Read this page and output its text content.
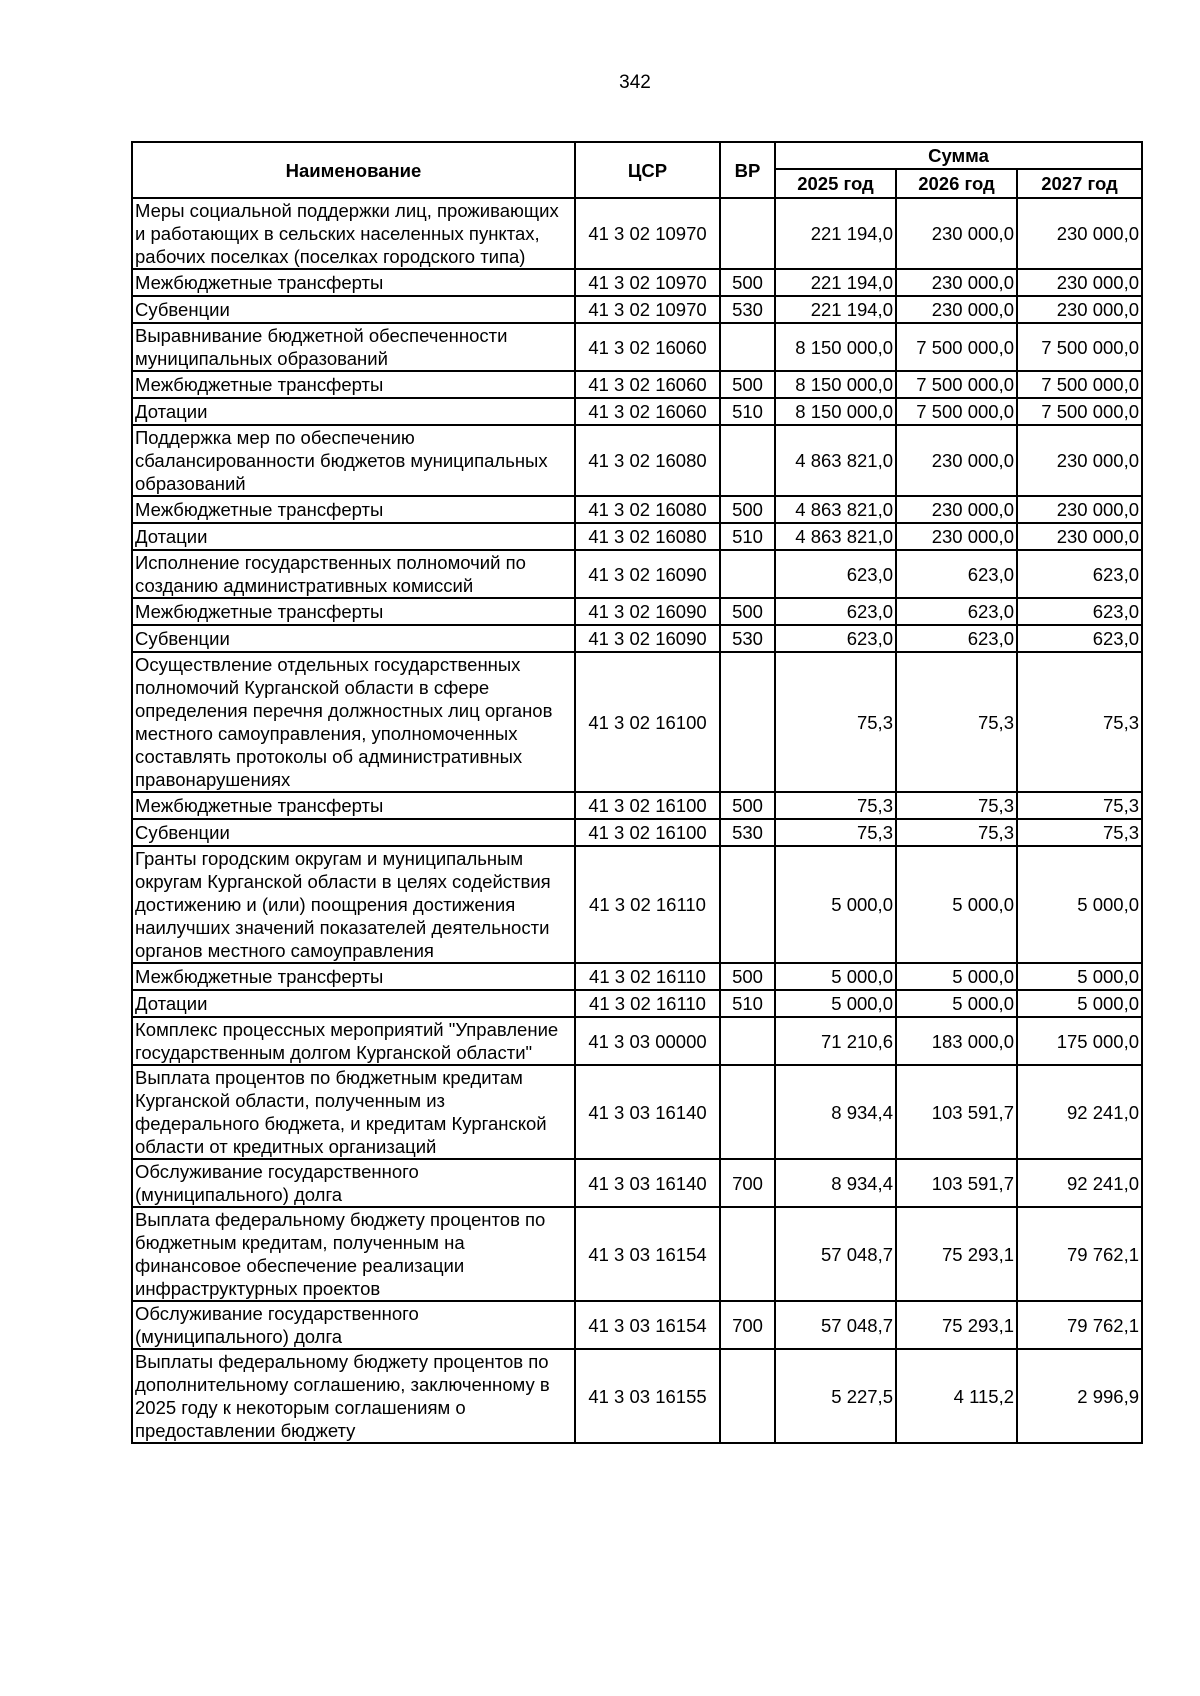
342
Наименование	ЦСР	ВР	Сумма		
			2025 год	2026 год	2027 год
Меры социальной поддержки лиц, проживающих и работающих в сельских населенных пунктах, рабочих поселках (поселках городского типа)	41 3 02 10970		221 194,0	230 000,0	230 000,0
Межбюджетные трансферты	41 3 02 10970	500	221 194,0	230 000,0	230 000,0
Субвенции	41 3 02 10970	530	221 194,0	230 000,0	230 000,0
Выравнивание бюджетной обеспеченности муниципальных образований	41 3 02 16060		8 150 000,0	7 500 000,0	7 500 000,0
Межбюджетные трансферты	41 3 02 16060	500	8 150 000,0	7 500 000,0	7 500 000,0
Дотации	41 3 02 16060	510	8 150 000,0	7 500 000,0	7 500 000,0
Поддержка мер по обеспечению сбалансированности бюджетов муниципальных образований	41 3 02 16080		4 863 821,0	230 000,0	230 000,0
Межбюджетные трансферты	41 3 02 16080	500	4 863 821,0	230 000,0	230 000,0
Дотации	41 3 02 16080	510	4 863 821,0	230 000,0	230 000,0
Исполнение государственных полномочий по созданию административных комиссий	41 3 02 16090		623,0	623,0	623,0
Межбюджетные трансферты	41 3 02 16090	500	623,0	623,0	623,0
Субвенции	41 3 02 16090	530	623,0	623,0	623,0
Осуществление отдельных государственных полномочий Курганской области в сфере определения перечня должностных лиц органов местного самоуправления, уполномоченных составлять протоколы об административных правонарушениях	41 3 02 16100		75,3	75,3	75,3
Межбюджетные трансферты	41 3 02 16100	500	75,3	75,3	75,3
Субвенции	41 3 02 16100	530	75,3	75,3	75,3
Гранты городским округам и муниципальным округам Курганской области в целях содействия достижению и (или) поощрения достижения наилучших значений показателей деятельности органов местного самоуправления	41 3 02 16110		5 000,0	5 000,0	5 000,0
Межбюджетные трансферты	41 3 02 16110	500	5 000,0	5 000,0	5 000,0
Дотации	41 3 02 16110	510	5 000,0	5 000,0	5 000,0
Комплекс процессных мероприятий "Управление государственным долгом Курганской области"	41 3 03 00000		71 210,6	183 000,0	175 000,0
Выплата процентов по бюджетным кредитам Курганской области, полученным из федерального бюджета, и кредитам Курганской области от кредитных организаций	41 3 03 16140		8 934,4	103 591,7	92 241,0
Обслуживание государственного (муниципального) долга	41 3 03 16140	700	8 934,4	103 591,7	92 241,0
Выплата федеральному бюджету процентов по бюджетным кредитам, полученным на финансовое обеспечение реализации инфраструктурных проектов	41 3 03 16154		57 048,7	75 293,1	79 762,1
Обслуживание государственного (муниципального) долга	41 3 03 16154	700	57 048,7	75 293,1	79 762,1
Выплаты федеральному бюджету процентов по дополнительному соглашению, заключенному в 2025 году к некоторым соглашениям о предоставлении бюджету	41 3 03 16155		5 227,5	4 115,2	2 996,9
